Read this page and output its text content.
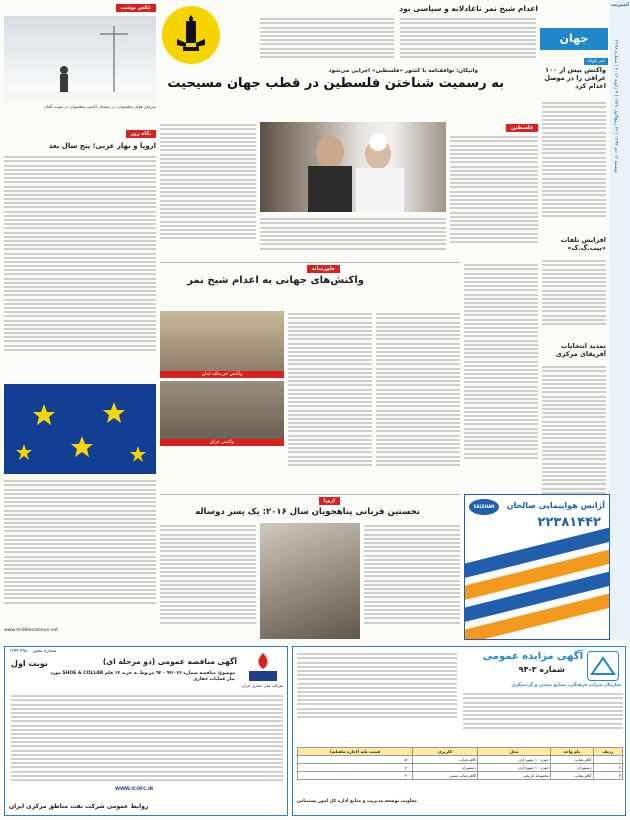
دوشنبه ۱۳ دی ۱۳۹۴ | ۲۲ ربیع‌الاول ۱۴۳۷ | ۴ ژانویه ۲۰۱۶ | شماره ۳۲۹۸
اینترنت
جهان
خبر کوتاه
واکنش بیش از ۱۰۰ عراقی را در موصل اعدام کرد
افزایش تلفات «بیب.گ.ک»
تمدید انتخابات آفریقای مرکزی
اعدام شیخ نمر ناعادلانه و سیاسی بود
واتیکان: توافقنامه با کشور «فلسطین» اجرایی می‌شود
به رسمیت شناختن فلسطین در قطب جهان مسیحیت
فلسطین
خاورمیانه
واکنش‌های جهانی به اعدام شیخ نمر
واکنش حزب‌الله لبنان
واکنش عراق
اروپا
نخستین قربانی پناهجویان سال ۲۰۱۶: یک پسر دوساله
SALEHAN	آژانس هواپیمایی صالحان
۲۲۳۸۱۴۴۲
عکس نوشت
سرمای هوای پناهجویان در زمستان اکسپ پناهجویان در جنوب آلمان
نگاه روز
اروپا و بهار عربی؛ پنج سال بعد
www.middleeasteye.net
شماره مجوز: ۱۳۹۴.۴۹۸۰
نوبت اول	آگهی مناقصه عمومی (دو مرحله ای)
شرکت ملی حفاری ایران
موضوع: مناقصه شماره ۹۴/۰۷۶ - ۹۴ مربوط به خرید ۱۴ قلم SHOE & COLLAR مورد نیاز عملیات حفاری
WWW.ICOFC.IR
روابط عمومی شرکت نفت مناطق مرکزی ایران
آگهی مزایده عمومی
شماره ۳-۹۴
سازمان میراث فرهنگی، صنایع دستی و گردشگری
ردیف	نام واحد	محل	کاربری	قیمت پایه (اجاره ماهیانه)
۱	کافی‌شاپ	حوزه ۱۰ شهرداری	کافی‌شاپ	۵۰۰
۲	رستوران	حوزه ۱۰ شهرداری	رستوران	۷۰۰
۳	کافی‌شاپ	مجموعه تاریخی	کافی‌شاپ سنتی	۴۰۰
معاونت توسعه مدیریت و منابع اداره کل امور پشتیبانی
